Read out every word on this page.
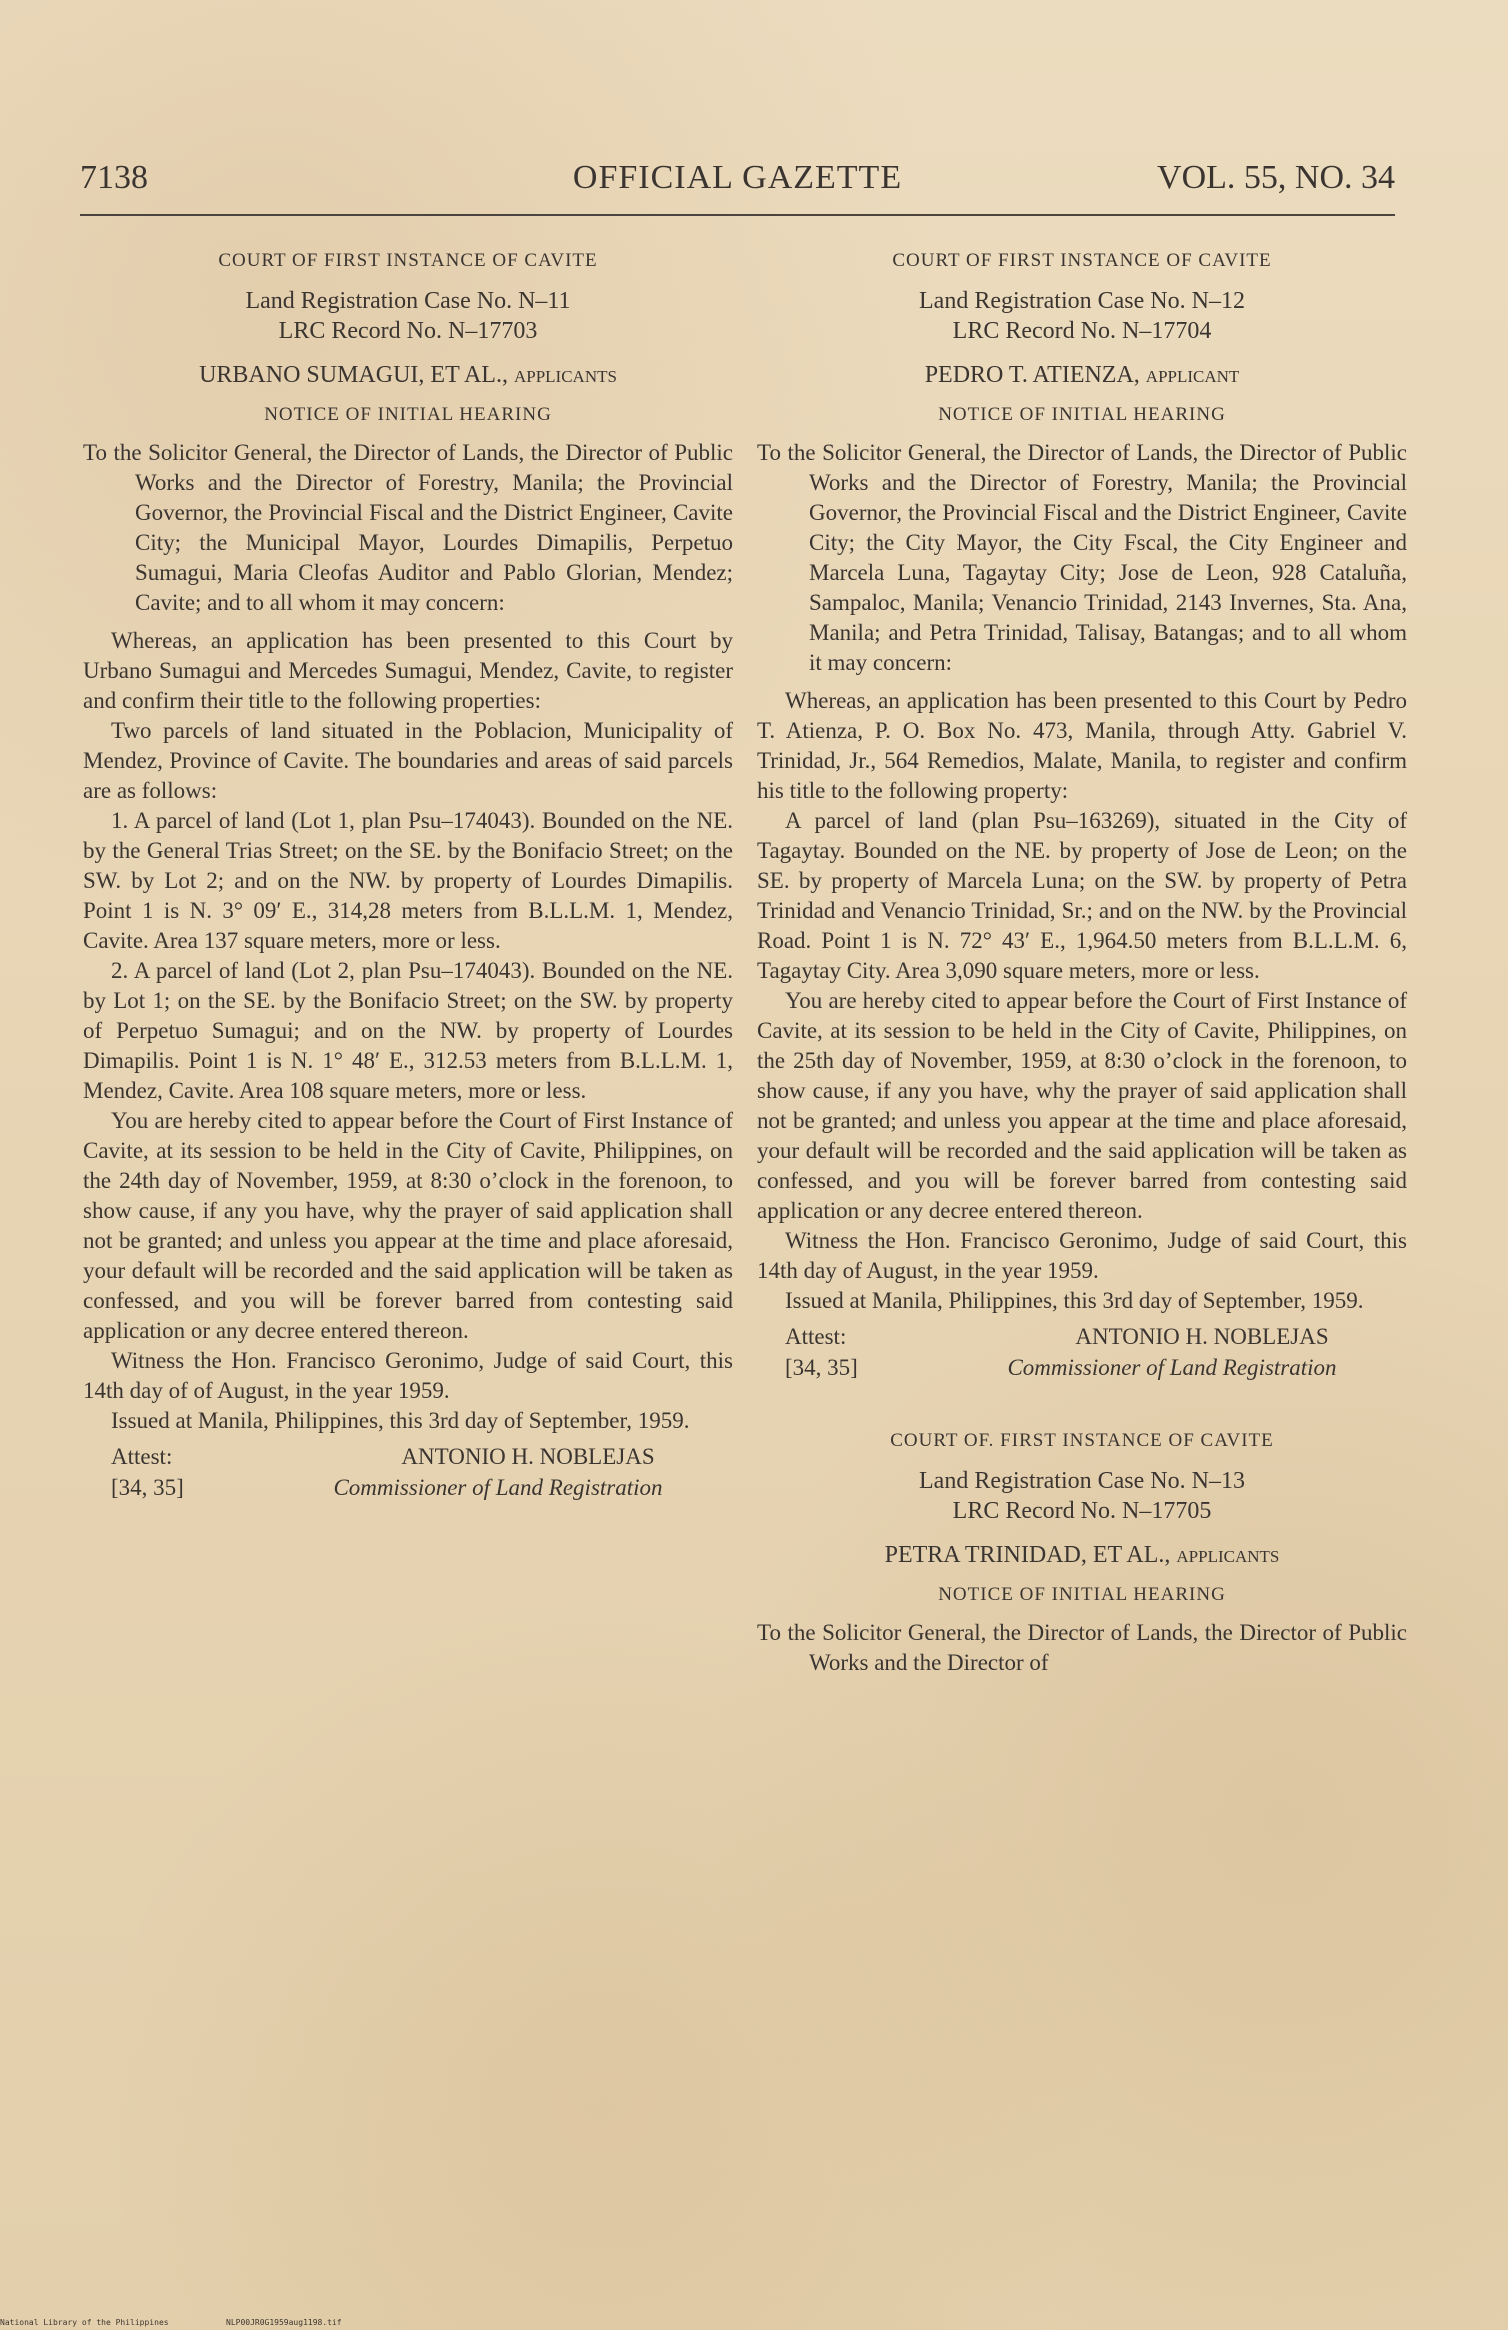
7138	OFFICIAL GAZETTE	VOL. 55, NO. 34
COURT OF FIRST INSTANCE OF CAVITE
Land Registration Case No. N–11
LRC Record No. N–17703
URBANO SUMAGUI, ET AL., applicants
NOTICE OF INITIAL HEARING

To the Solicitor General, the Director of Lands, the Director of Public Works and the Director of Forestry, Manila; the Provincial Governor, the Provincial Fiscal and the District Engineer, Cavite City; the Municipal Mayor, Lourdes Dimapilis, Perpetuo Sumagui, Maria Cleofas Auditor and Pablo Glorian, Mendez; Cavite; and to all whom it may concern:

Whereas, an application has been presented to this Court by Urbano Sumagui and Mercedes Sumagui, Mendez, Cavite, to register and confirm their title to the following properties:

Two parcels of land situated in the Poblacion, Municipality of Mendez, Province of Cavite. The boundaries and areas of said parcels are as follows:

1. A parcel of land (Lot 1, plan Psu–174043). Bounded on the NE. by the General Trias Street; on the SE. by the Bonifacio Street; on the SW. by Lot 2; and on the NW. by property of Lourdes Dimapilis. Point 1 is N. 3° 09′ E., 314,28 meters from B.L.L.M. 1, Mendez, Cavite. Area 137 square meters, more or less.

2. A parcel of land (Lot 2, plan Psu–174043). Bounded on the NE. by Lot 1; on the SE. by the Bonifacio Street; on the SW. by property of Perpetuo Sumagui; and on the NW. by property of Lourdes Dimapilis. Point 1 is N. 1° 48′ E., 312.53 meters from B.L.L.M. 1, Mendez, Cavite. Area 108 square meters, more or less.

You are hereby cited to appear before the Court of First Instance of Cavite, at its session to be held in the City of Cavite, Philippines, on the 24th day of November, 1959, at 8:30 o’clock in the forenoon, to show cause, if any you have, why the prayer of said application shall not be granted; and unless you appear at the time and place aforesaid, your default will be recorded and the said application will be taken as confessed, and you will be forever barred from contesting said application or any decree entered thereon.

Witness the Hon. Francisco Geronimo, Judge of said Court, this 14th day of of August, in the year 1959.

Issued at Manila, Philippines, this 3rd day of September, 1959.

Attest:	ANTONIO H. NOBLEJAS
[34, 35]	Commissioner of Land Registration
COURT OF FIRST INSTANCE OF CAVITE
Land Registration Case No. N–12
LRC Record No. N–17704
PEDRO T. ATIENZA, applicant
NOTICE OF INITIAL HEARING

To the Solicitor General, the Director of Lands, the Director of Public Works and the Director of Forestry, Manila; the Provincial Governor, the Provincial Fiscal and the District Engineer, Cavite City; the City Mayor, the City Fscal, the City Engineer and Marcela Luna, Tagaytay City; Jose de Leon, 928 Cataluña, Sampaloc, Manila; Venancio Trinidad, 2143 Invernes, Sta. Ana, Manila; and Petra Trinidad, Talisay, Batangas; and to all whom it may concern:

Whereas, an application has been presented to this Court by Pedro T. Atienza, P. O. Box No. 473, Manila, through Atty. Gabriel V. Trinidad, Jr., 564 Remedios, Malate, Manila, to register and confirm his title to the following property:

A parcel of land (plan Psu–163269), situated in the City of Tagaytay. Bounded on the NE. by property of Jose de Leon; on the SE. by property of Marcela Luna; on the SW. by property of Petra Trinidad and Venancio Trinidad, Sr.; and on the NW. by the Provincial Road. Point 1 is N. 72° 43′ E., 1,964.50 meters from B.L.L.M. 6, Tagaytay City. Area 3,090 square meters, more or less.

You are hereby cited to appear before the Court of First Instance of Cavite, at its session to be held in the City of Cavite, Philippines, on the 25th day of November, 1959, at 8:30 o’clock in the forenoon, to show cause, if any you have, why the prayer of said application shall not be granted; and unless you appear at the time and place aforesaid, your default will be recorded and the said application will be taken as confessed, and you will be forever barred from contesting said application or any decree entered thereon.

Witness the Hon. Francisco Geronimo, Judge of said Court, this 14th day of August, in the year 1959.

Issued at Manila, Philippines, this 3rd day of September, 1959.

Attest:	ANTONIO H. NOBLEJAS
[34, 35]	Commissioner of Land Registration
COURT OF. FIRST INSTANCE OF CAVITE
Land Registration Case No. N–13
LRC Record No. N–17705
PETRA TRINIDAD, ET AL., applicants
NOTICE OF INITIAL HEARING

To the Solicitor General, the Director of Lands, the Director of Public Works and the Director of

National Library of the Philippines	NLP00JR0G1959aug1198.tif
